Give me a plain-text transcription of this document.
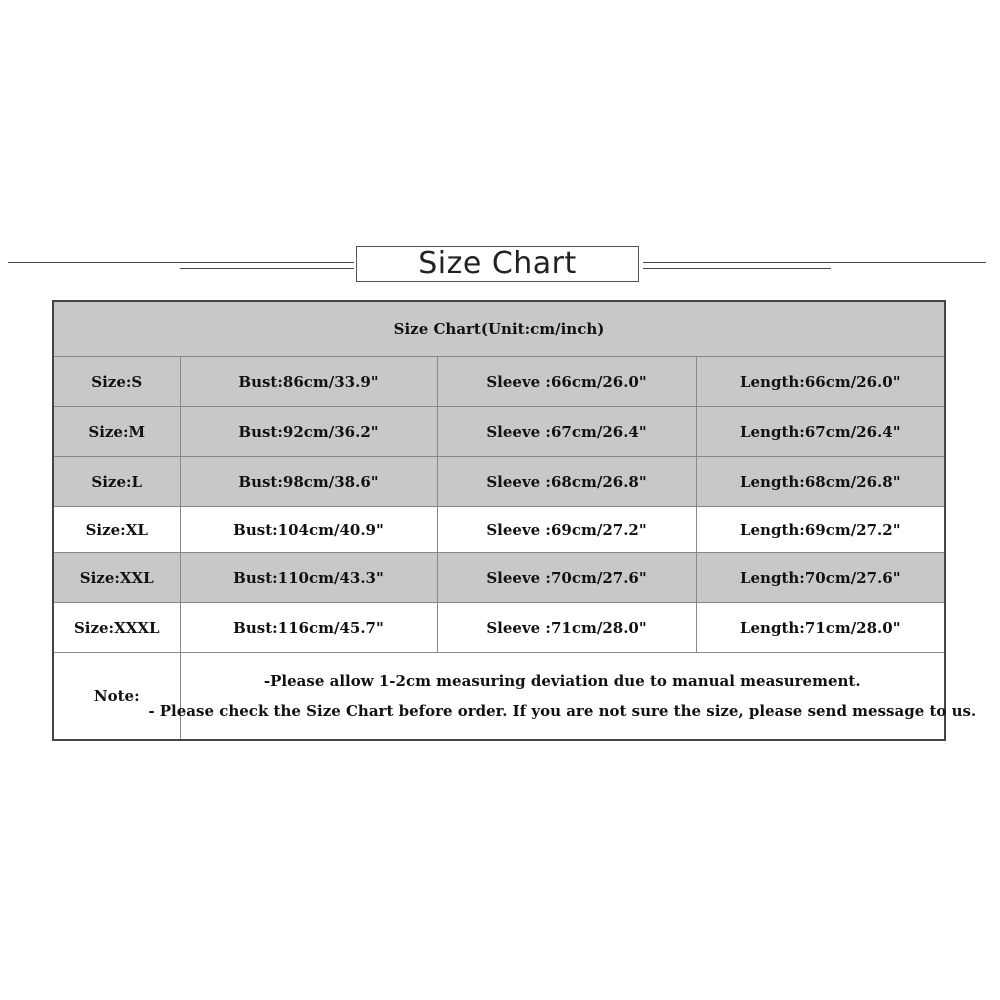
Size Chart
Size Chart(Unit:cm/inch)			
Size:S	Bust:86cm/33.9"	Sleeve :66cm/26.0"	Length:66cm/26.0"
Size:M	Bust:92cm/36.2"	Sleeve :67cm/26.4"	Length:67cm/26.4"
Size:L	Bust:98cm/38.6"	Sleeve :68cm/26.8"	Length:68cm/26.8"
Size:XL	Bust:104cm/40.9"	Sleeve :69cm/27.2"	Length:69cm/27.2"
Size:XXL	Bust:110cm/43.3"	Sleeve :70cm/27.6"	Length:70cm/27.6"
Size:XXXL	Bust:116cm/45.7"	Sleeve :71cm/28.0"	Length:71cm/28.0"
Note:	-Please allow 1-2cm measuring deviation due to manual measurement.
- Please check the Size Chart before order. If you are not sure the size, please send message to us.		
